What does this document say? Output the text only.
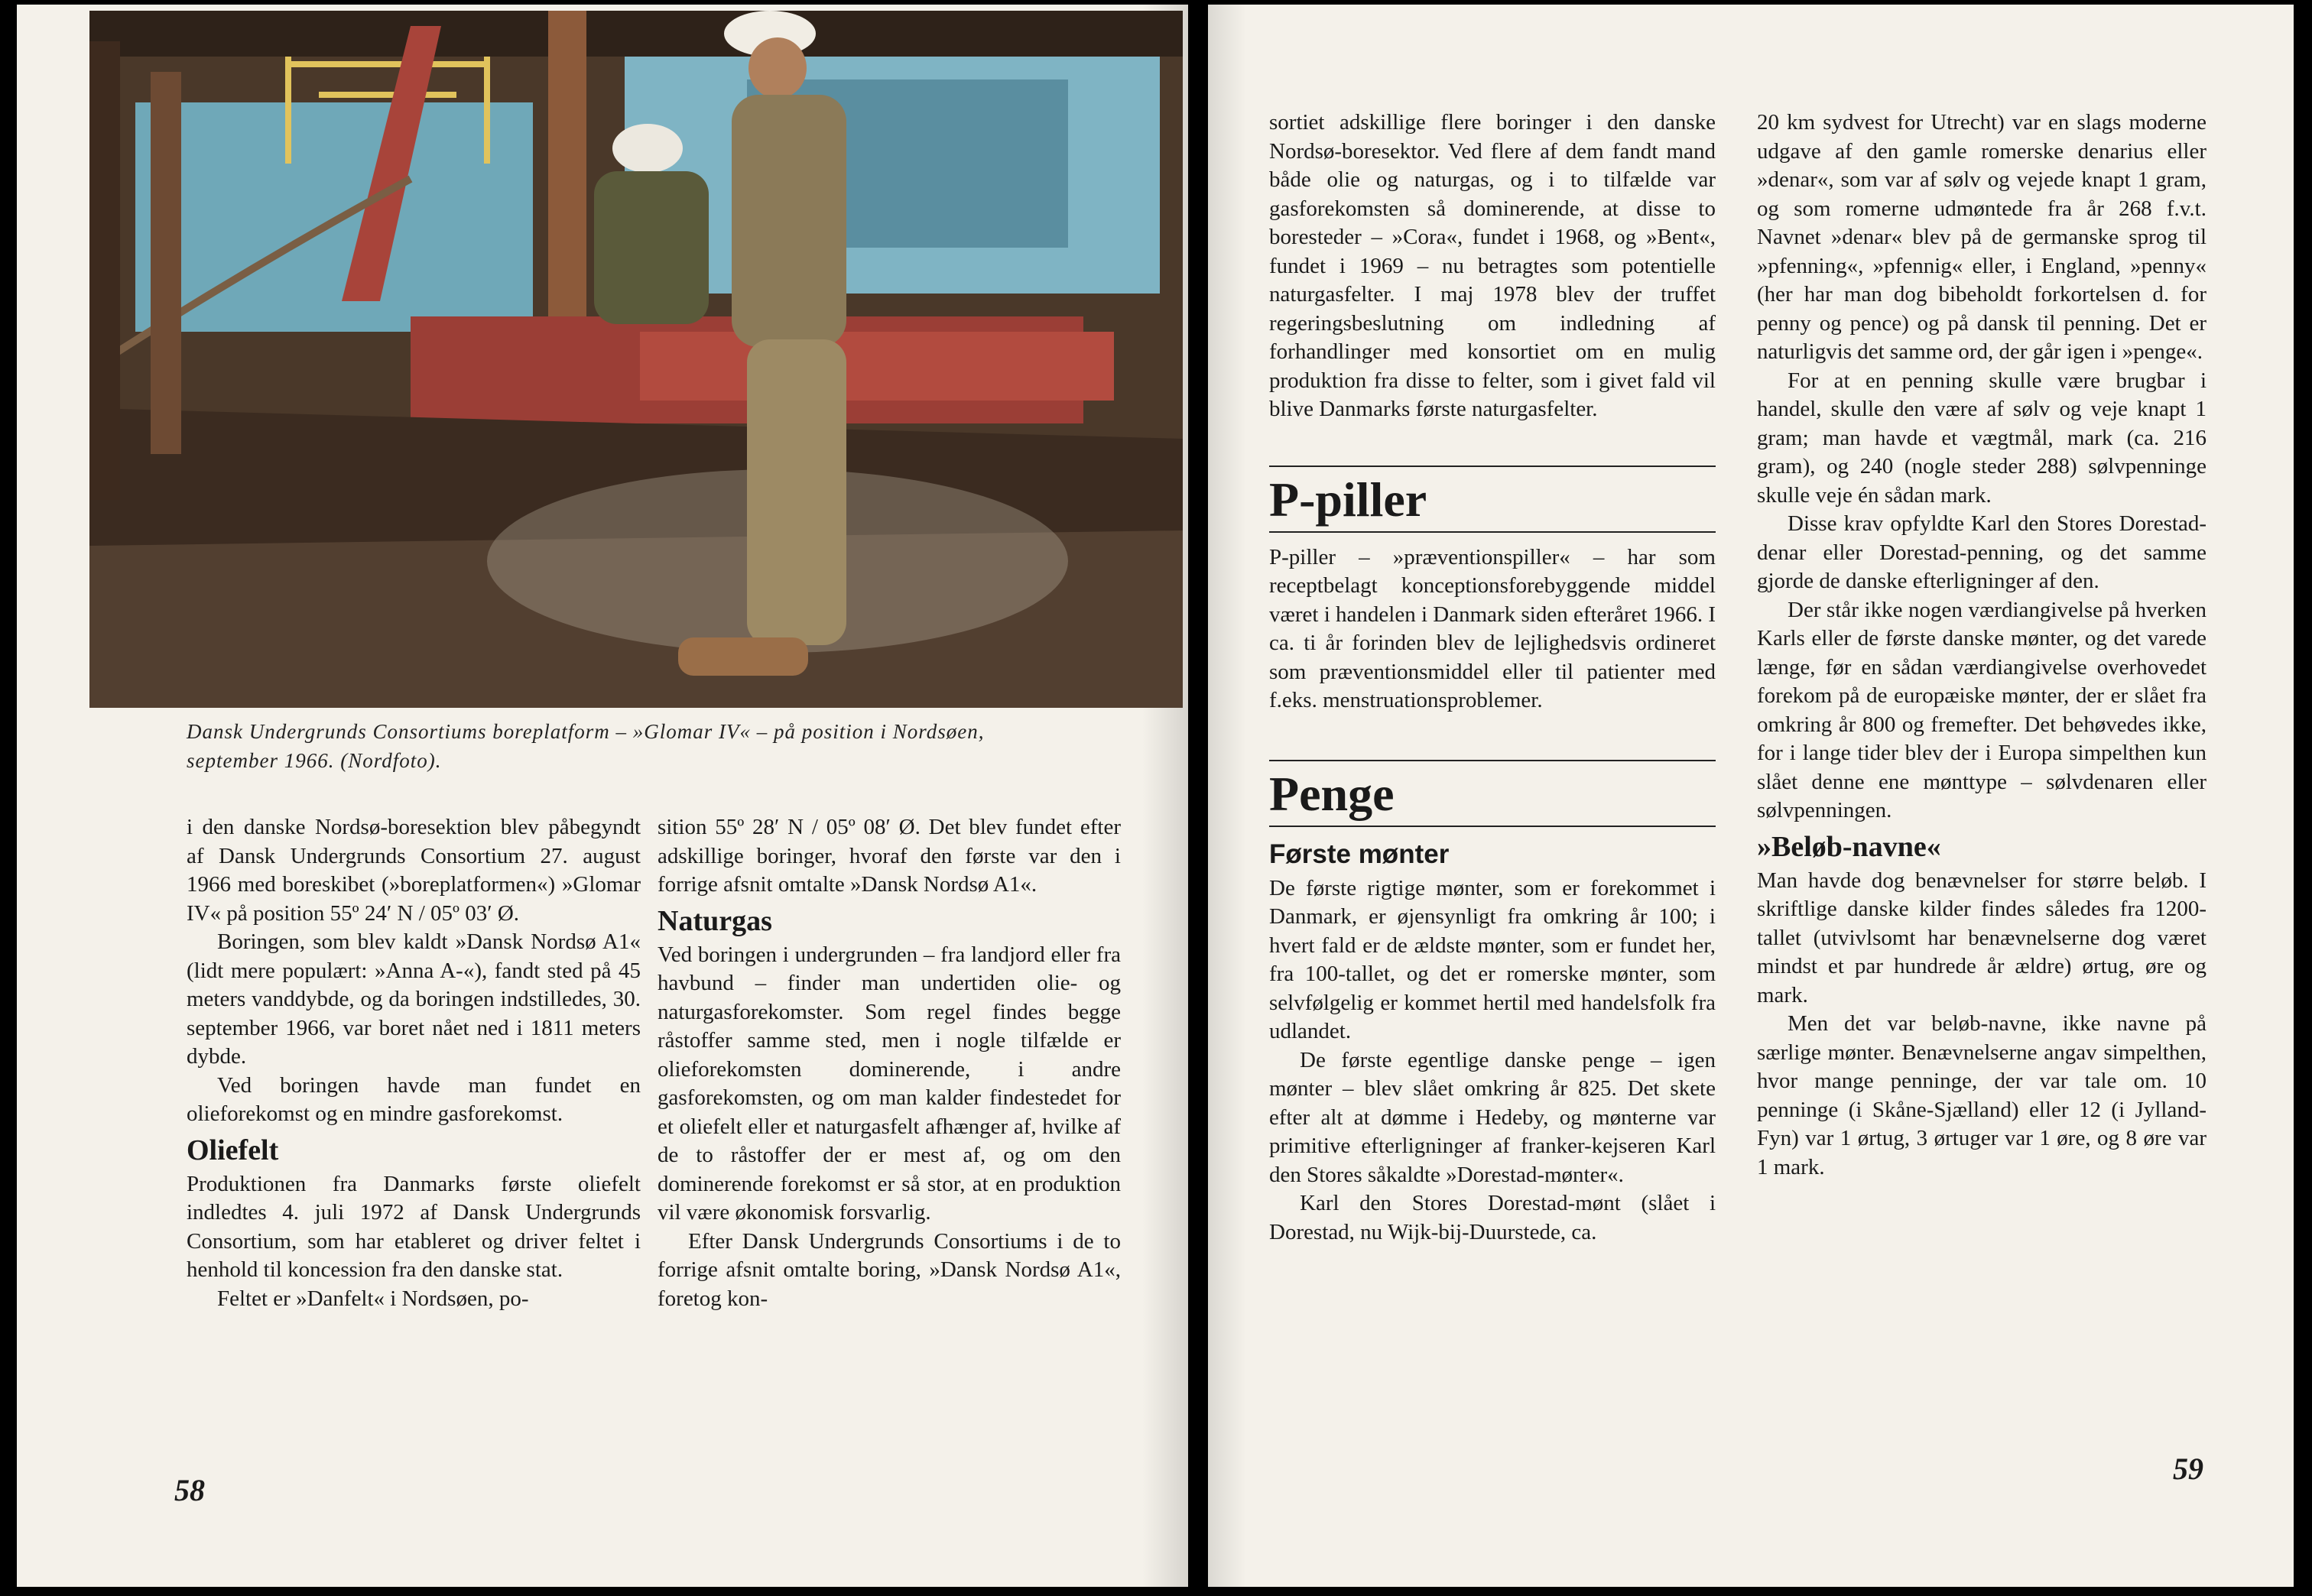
Dansk Undergrunds Consortiums boreplatform – »Glomar IV« – på position i Nordsøen, september 1966. (Nordfoto).

i den danske Nordsø-boresektion blev påbegyndt af Dansk Undergrunds Consortium 27. august 1966 med boreskibet (»boreplatformen«) »Glomar IV« på position 55º 24′ N / 05º 03′ Ø.

Boringen, som blev kaldt »Dansk Nordsø A1« (lidt mere populært: »Anna A-«), fandt sted på 45 meters vanddybde, og da boringen indstilledes, 30. september 1966, var boret nået ned i 1811 meters dybde.

Ved boringen havde man fundet en olieforekomst og en mindre gasforekomst.

Oliefelt

Produktionen fra Danmarks første oliefelt indledtes 4. juli 1972 af Dansk Undergrunds Consortium, som har etableret og driver feltet i henhold til koncession fra den danske stat.

Feltet er »Danfelt« i Nordsøen, po-

sition 55º 28′ N / 05º 08′ Ø. Det blev fundet efter adskillige boringer, hvoraf den første var den i forrige afsnit omtalte »Dansk Nordsø A1«.

Naturgas

Ved boringen i undergrunden – fra landjord eller fra havbund – finder man undertiden olie- og naturgasforekomster. Som regel findes begge råstoffer samme sted, men i nogle tilfælde er olieforekomsten dominerende, i andre gasforekomsten, og om man kalder findestedet for et oliefelt eller et naturgasfelt afhænger af, hvilke af de to råstoffer der er mest af, og om den dominerende forekomst er så stor, at en produktion vil være økonomisk forsvarlig.

Efter Dansk Undergrunds Consortiums i de to forrige afsnit omtalte boring, »Dansk Nordsø A1«, foretog kon-

58

sortiet adskillige flere boringer i den danske Nordsø-boresektor. Ved flere af dem fandt mand både olie og naturgas, og i to tilfælde var gasforekomsten så dominerende, at disse to boresteder – »Cora«, fundet i 1968, og »Bent«, fundet i 1969 – nu betragtes som potentielle naturgasfelter. I maj 1978 blev der truffet regeringsbeslutning om indledning af forhandlinger med konsortiet om en mulig produktion fra disse to felter, som i givet fald vil blive Danmarks første naturgasfelter.

P-piller

P-piller – »præventionspiller« – har som receptbelagt konceptionsforebyggende middel været i handelen i Danmark siden efteråret 1966. I ca. ti år forinden blev de lejlighedsvis ordineret som præventionsmiddel eller til patienter med f.eks. menstruationsproblemer.

Penge
Første mønter

De første rigtige mønter, som er forekommet i Danmark, er øjensynligt fra omkring år 100; i hvert fald er de ældste mønter, som er fundet her, fra 100-tallet, og det er romerske mønter, som selvfølgelig er kommet hertil med handelsfolk fra udlandet.

De første egentlige danske penge – igen mønter – blev slået omkring år 825. Det skete efter alt at dømme i Hedeby, og mønterne var primitive efterligninger af franker-kejseren Karl den Stores såkaldte »Dorestad-mønter«.

Karl den Stores Dorestad-mønt (slået i Dorestad, nu Wijk-bij-Duurstede, ca.

20 km sydvest for Utrecht) var en slags moderne udgave af den gamle romerske denarius eller »denar«, som var af sølv og vejede knapt 1 gram, og som romerne udmøntede fra år 268 f.v.t. Navnet »denar« blev på de germanske sprog til »pfenning«, »pfennig« eller, i England, »penny« (her har man dog bibeholdt forkortelsen d. for penny og pence) og på dansk til penning. Det er naturligvis det samme ord, der går igen i »penge«.

For at en penning skulle være brugbar i handel, skulle den være af sølv og veje knapt 1 gram; man havde et vægtmål, mark (ca. 216 gram), og 240 (nogle steder 288) sølvpenninge skulle veje én sådan mark.

Disse krav opfyldte Karl den Stores Dorestad-denar eller Dorestad-penning, og det samme gjorde de danske efterligninger af den.

Der står ikke nogen værdiangivelse på hverken Karls eller de første danske mønter, og det varede længe, før en sådan værdiangivelse overhovedet forekom på de europæiske mønter, der er slået fra omkring år 800 og fremefter. Det behøvedes ikke, for i lange tider blev der i Europa simpelthen kun slået denne ene mønttype – sølvdenaren eller sølvpenningen.

»Beløb-navne«

Man havde dog benævnelser for større beløb. I skriftlige danske kilder findes således fra 1200-tallet (utvivlsomt har benævnelserne dog været mindst et par hundrede år ældre) ørtug, øre og mark.

Men det var beløb-navne, ikke navne på særlige mønter. Benævnelserne angav simpelthen, hvor mange penninge, der var tale om. 10 penninge (i Skåne-Sjælland) eller 12 (i Jylland-Fyn) var 1 ørtug, 3 ørtuger var 1 øre, og 8 øre var 1 mark.

59
